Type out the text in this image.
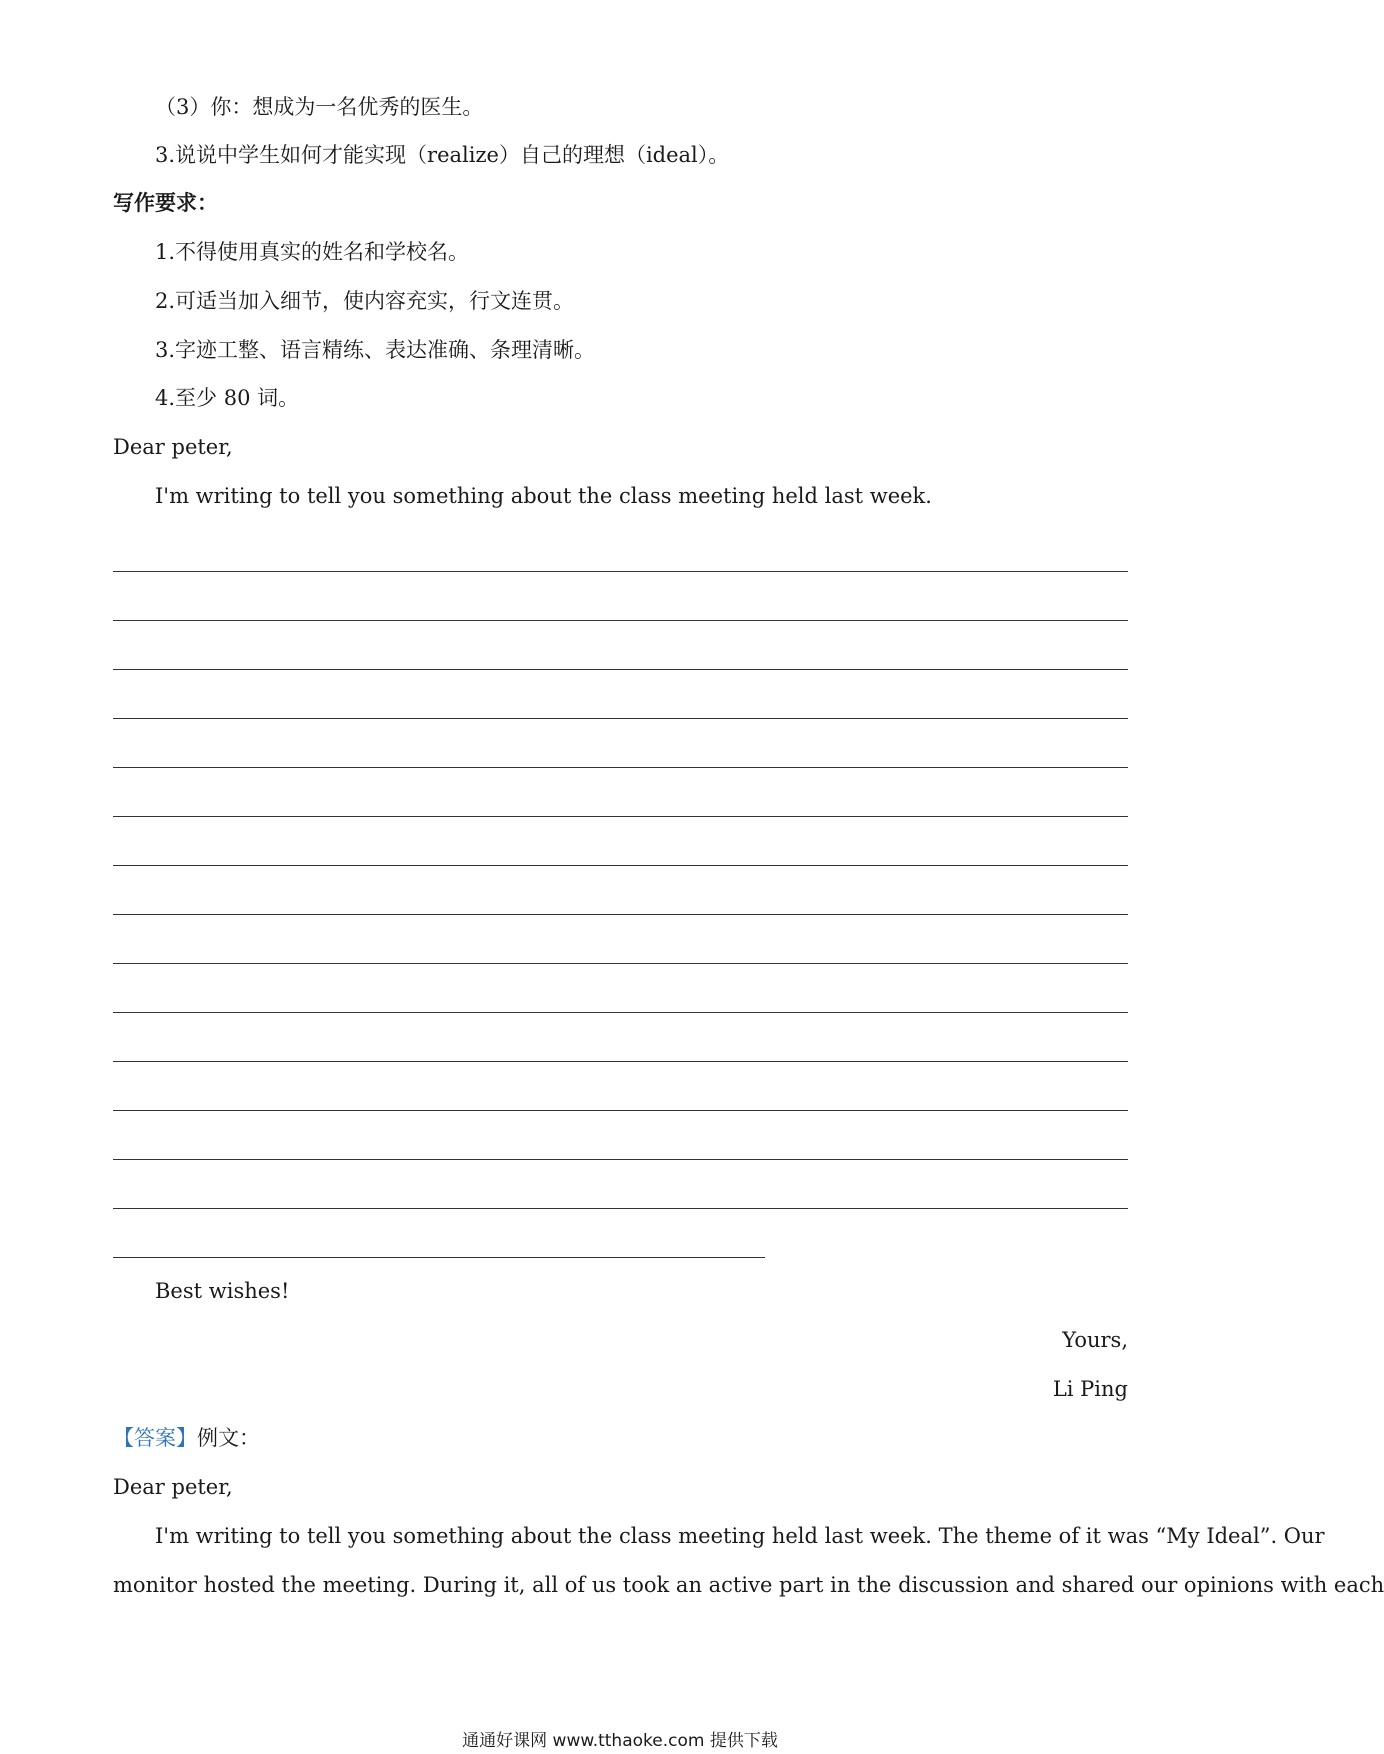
（3）你：想成为一名优秀的医生。
3.说说中学生如何才能实现（realize）自己的理想（ideal）。
写作要求：
1.不得使用真实的姓名和学校名。
2.可适当加入细节，使内容充实，行文连贯。
3.字迹工整、语言精练、表达准确、条理清晰。
4.至少 80 词。
Dear peter,
I'm writing to tell you something about the class meeting held last week.
Best wishes!
Yours,
Li Ping
【答案】例文：
Dear peter,
I'm writing to tell you something about the class meeting held last week. The theme of it was “My Ideal”. Our
monitor hosted the meeting. During it, all of us took an active part in the discussion and shared our opinions with each
通通好课网 www.tthaoke.com 提供下载
